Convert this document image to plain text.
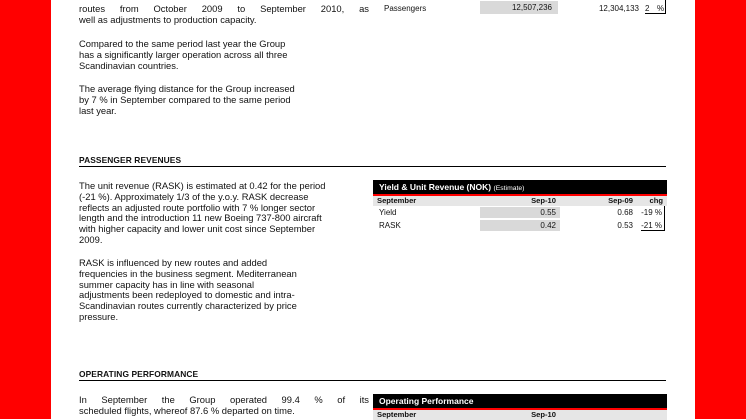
routes from October 2009 to September 2010, as
well as adjustments to production capacity.
Compared to the same period last year the Group
has a significantly larger operation across all three
Scandinavian countries.
The average flying distance for the Group increased
by 7 % in September compared to the same period
last year.
Passengers	12,507,236	12,304,133 2 %
PASSENGER REVENUES
The unit revenue (RASK) is estimated at 0.42 for the period
(-21 %). Approximately 1/3 of the y.o.y. RASK decrease
reflects an adjusted route portfolio with 7 % longer sector
length and the introduction 11 new Boeing 737-800 aircraft
with higher capacity and lower unit cost since September
2009.
RASK is influenced by new routes and added
frequencies in the business segment. Mediterranean
summer capacity has in line with seasonal
adjustments been redeployed to domestic and intra-
Scandinavian routes currently characterized by price
pressure.
Yield & Unit Revenue (NOK) (Estimate)
September	Sep-10	Sep-09	chg
Yield	0.55	0.68	-19 %
RASK	0.42	0.53	-21 %
OPERATING PERFORMANCE
In September the Group operated 99.4 % of its
scheduled flights, whereof 87.6 % departed on time.
Operating Performance
September	Sep-10
